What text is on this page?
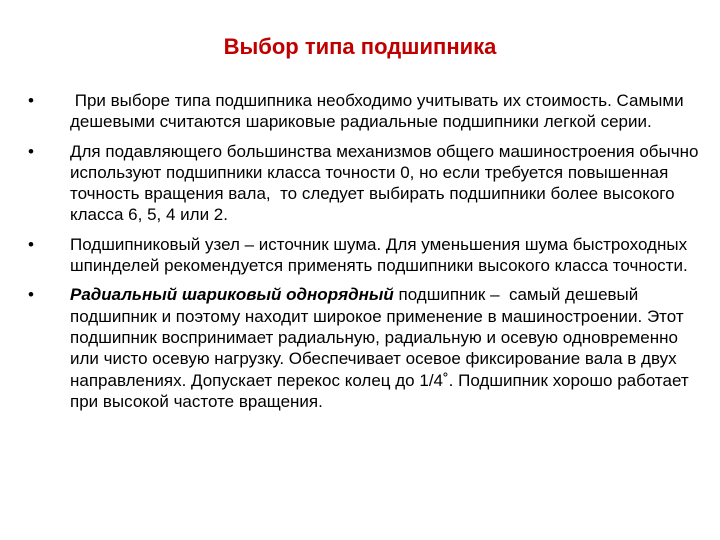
Выбор типа подшипника
•	При выборе типа подшипника необходимо учитывать их стоимость. Самыми дешевыми считаются шариковые радиальные подшипники легкой серии.
•	Для подавляющего большинства механизмов общего машиностроения обычно используют подшипники класса точности 0, но если требуется повышенная точность вращения вала,  то следует выбирать подшипники более высокого класса 6, 5, 4 или 2.
•	Подшипниковый узел – источник шума. Для уменьшения шума быстроходных шпинделей рекомендуется применять подшипники высокого класса точности.
•	Радиальный шариковый однорядный подшипник –  самый дешевый подшипник и поэтому находит широкое применение в машиностроении. Этот подшипник воспринимает радиальную, радиальную и осевую одновременно или чисто осевую нагрузку. Обеспечивает осевое фиксирование вала в двух направлениях. Допускает перекос колец до 1/4˚. Подшипник хорошо работает при высокой частоте вращения.
